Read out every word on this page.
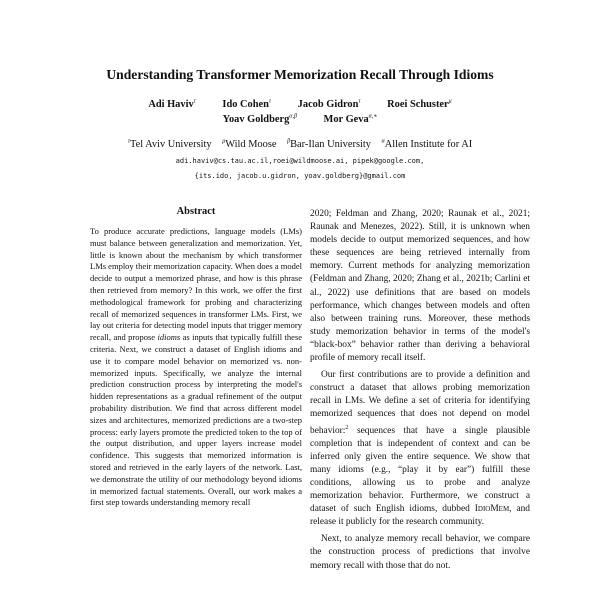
Understanding Transformer Memorization Recall Through Idioms
Adi Haviv$^\tau$	Ido Cohen$^\tau$	Jacob Gidron$^\tau$	Roei Schuster$^\mu$
Yoav Goldberg$^{\alpha,\beta}$	Mor Geva$^{\alpha,∗}$
$^\tau$Tel Aviv University $^\mu$Wild Moose $^\beta$Bar-Ilan University $^\alpha$Allen Institute for AI
adi.haviv@cs.tau.ac.il,roei@wildmoose.ai, pipek@google.com,
{its.ido, jacob.u.gidron, yoav.goldberg}@gmail.com
Abstract

To produce accurate predictions, language models (LMs) must balance between generalization and memorization. Yet, little is known about the mechanism by which transformer LMs employ their memorization capacity. When does a model decide to output a memorized phrase, and how is this phrase then retrieved from memory? In this work, we offer the first methodological framework for probing and characterizing recall of memorized sequences in transformer LMs. First, we lay out criteria for detecting model inputs that trigger memory recall, and propose idioms as inputs that typically fulfill these criteria. Next, we construct a dataset of English idioms and use it to compare model behavior on memorized vs. non-memorized inputs. Specifically, we analyze the internal prediction construction process by interpreting the model's hidden representations as a gradual refinement of the output probability distribution. We find that across different model sizes and architectures, memorized predictions are a two-step process: early layers promote the predicted token to the top of the output distribution, and upper layers increase model confidence. This suggests that memorized information is stored and retrieved in the early layers of the network. Last, we demonstrate the utility of our methodology beyond idioms in memorized factual statements. Overall, our work makes a first step towards understanding memory recall

2020; Feldman and Zhang, 2020; Raunak et al., 2021; Raunak and Menezes, 2022). Still, it is unknown when models decide to output memorized sequences, and how these sequences are being retrieved internally from memory. Current methods for analyzing memorization (Feldman and Zhang, 2020; Zhang et al., 2021b; Carlini et al., 2022) use definitions that are based on models performance, which changes between models and often also between training runs. Moreover, these methods study memorization behavior in terms of the model's “black-box” behavior rather than deriving a behavioral profile of memory recall itself.

Our first contributions are to provide a definition and construct a dataset that allows probing memorization recall in LMs. We define a set of criteria for identifying memorized sequences that does not depend on model behavior:$^2$ sequences that have a single plausible completion that is independent of context and can be inferred only given the entire sequence. We show that many idioms (e.g., “play it by ear”) fulfill these conditions, allowing us to probe and analyze memorization behavior. Furthermore, we construct a dataset of such English idioms, dubbed IdioMem, and release it publicly for the research community.

Next, to analyze memory recall behavior, we compare the construction process of predictions that involve memory recall with those that do not.
